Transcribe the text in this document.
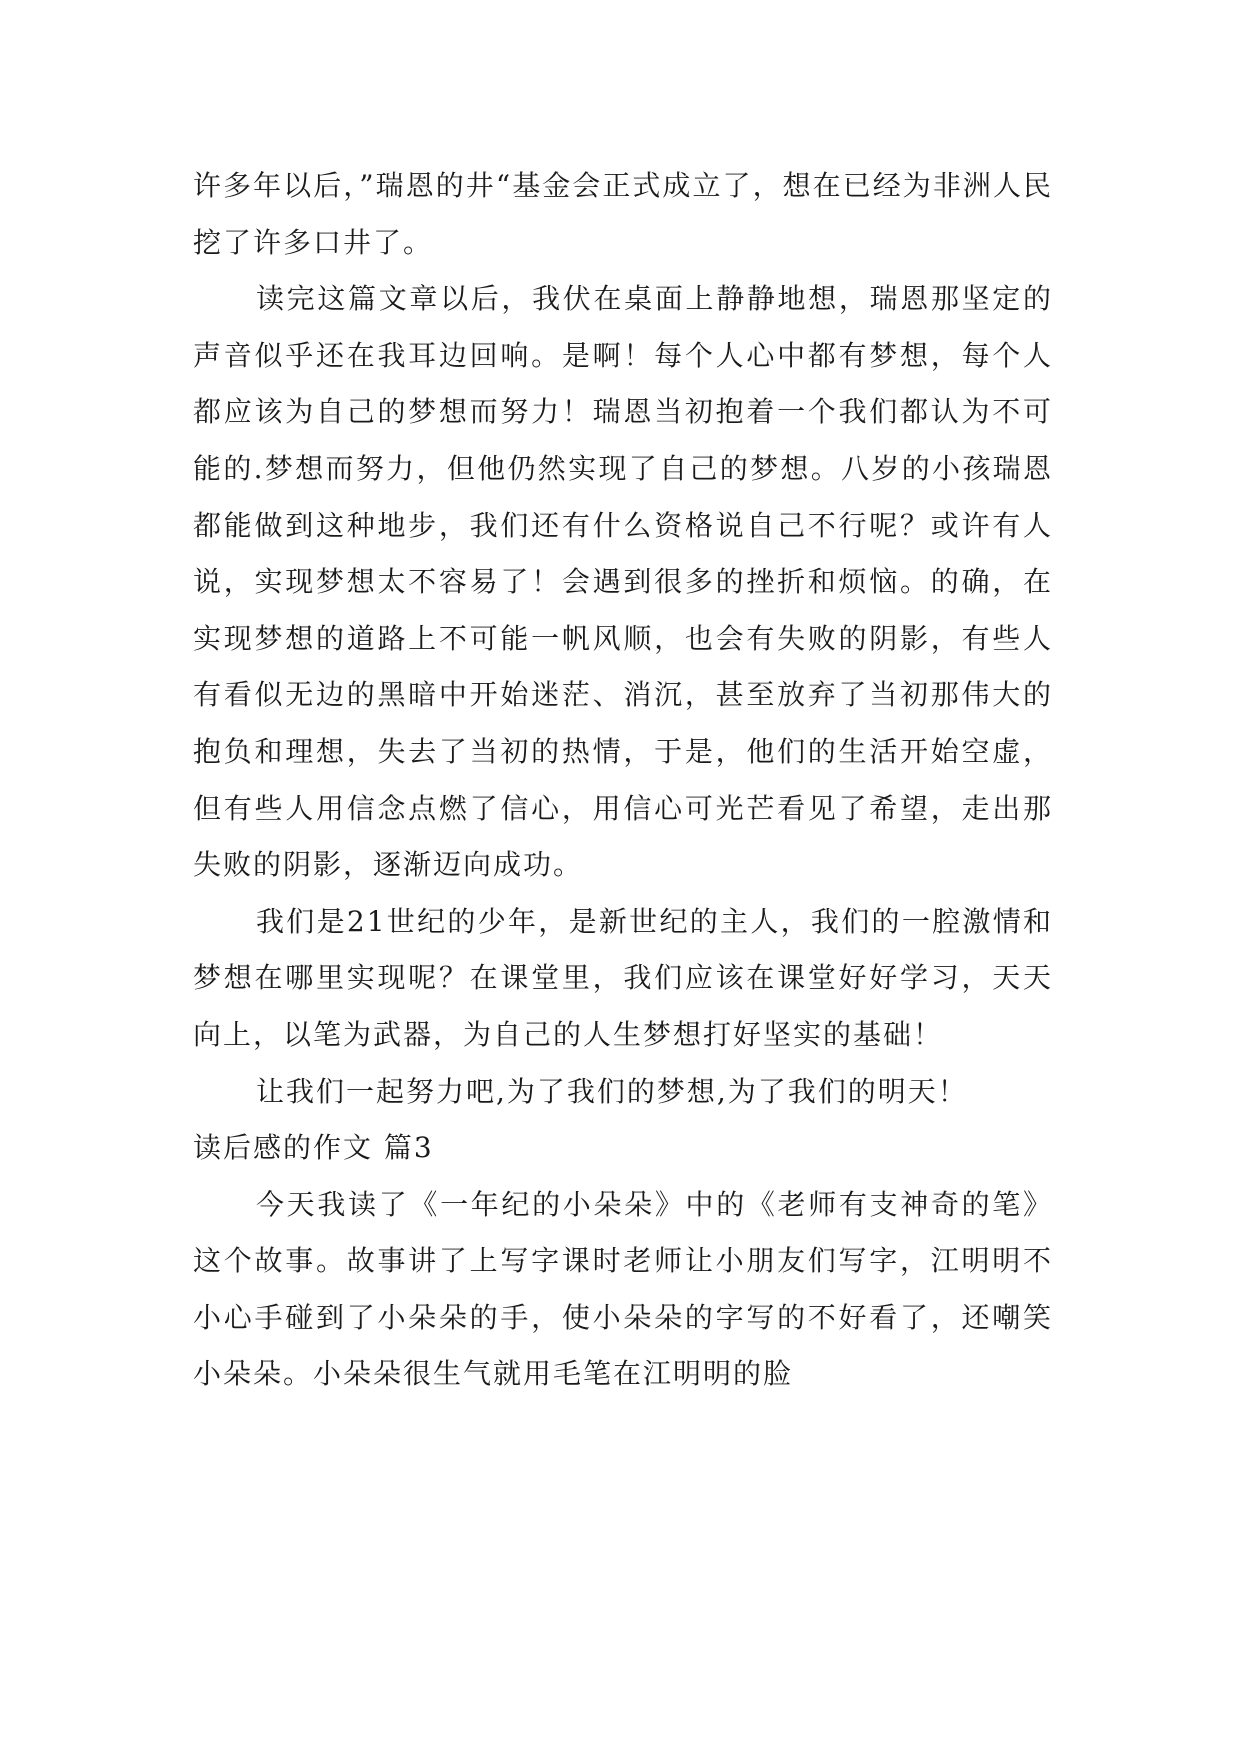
许多年以后，”瑞恩的井“基金会正式成立了，想在已经为非洲人民挖了许多口井了。

读完这篇文章以后，我伏在桌面上静静地想，瑞恩那坚定的声音似乎还在我耳边回响。是啊！每个人心中都有梦想，每个人都应该为自己的梦想而努力！瑞恩当初抱着一个我们都认为不可能的.梦想而努力，但他仍然实现了自己的梦想。八岁的小孩瑞恩都能做到这种地步，我们还有什么资格说自己不行呢？或许有人说，实现梦想太不容易了！会遇到很多的挫折和烦恼。的确，在实现梦想的道路上不可能一帆风顺，也会有失败的阴影，有些人有看似无边的黑暗中开始迷茫、消沉，甚至放弃了当初那伟大的抱负和理想，失去了当初的热情，于是，他们的生活开始空虚，但有些人用信念点燃了信心，用信心可光芒看见了希望，走出那失败的阴影，逐渐迈向成功。

我们是21世纪的少年，是新世纪的主人，我们的一腔激情和梦想在哪里实现呢？在课堂里，我们应该在课堂好好学习，天天向上，以笔为武器，为自己的人生梦想打好坚实的基础！

让我们一起努力吧,为了我们的梦想,为了我们的明天！

读后感的作文 篇3

今天我读了《一年纪的小朵朵》中的《老师有支神奇的笔》这个故事。故事讲了上写字课时老师让小朋友们写字，江明明不小心手碰到了小朵朵的手，使小朵朵的字写的不好看了，还嘲笑小朵朵。小朵朵很生气就用毛笔在江明明的脸
